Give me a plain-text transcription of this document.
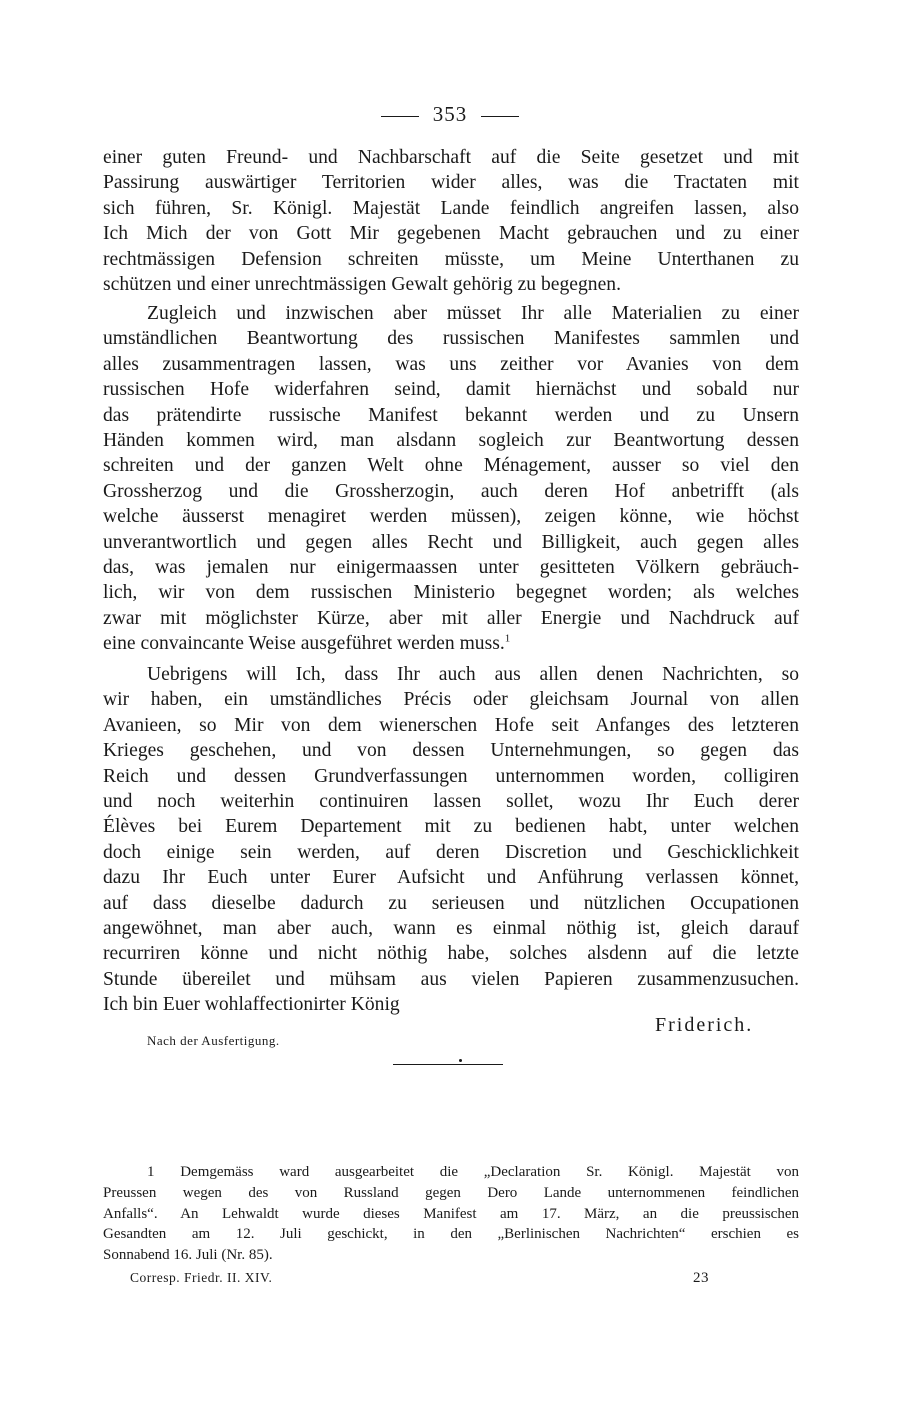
353
einer guten Freund- und Nachbarschaft auf die Seite gesetzet und mit
Passirung auswärtiger Territorien wider alles, was die Tractaten mit
sich führen, Sr. Königl. Majestät Lande feindlich angreifen lassen, also
Ich Mich der von Gott Mir gegebenen Macht gebrauchen und zu einer
rechtmässigen Defension schreiten müsste, um Meine Unterthanen zu
schützen und einer unrechtmässigen Gewalt gehörig zu begegnen.
Zugleich und inzwischen aber müsset Ihr alle Materialien zu einer
umständlichen Beantwortung des russischen Manifestes sammlen und
alles zusammentragen lassen, was uns zeither vor Avanies von dem
russischen Hofe widerfahren seind, damit hiernächst und sobald nur
das prätendirte russische Manifest bekannt werden und zu Unsern
Händen kommen wird, man alsdann sogleich zur Beantwortung dessen
schreiten und der ganzen Welt ohne Ménagement, ausser so viel den
Grossherzog und die Grossherzogin, auch deren Hof anbetrifft (als
welche äusserst menagiret werden müssen), zeigen könne, wie höchst
unverantwortlich und gegen alles Recht und Billigkeit, auch gegen alles
das, was jemalen nur einigermaassen unter gesitteten Völkern gebräuch-
lich, wir von dem russischen Ministerio begegnet worden; als welches
zwar mit möglichster Kürze, aber mit aller Energie und Nachdruck auf
eine convaincante Weise ausgeführet werden muss.$^1$
Uebrigens will Ich, dass Ihr auch aus allen denen Nachrichten, so
wir haben, ein umständliches Précis oder gleichsam Journal von allen
Avanieen, so Mir von dem wienerschen Hofe seit Anfanges des letzteren
Krieges geschehen, und von dessen Unternehmungen, so gegen das
Reich und dessen Grundverfassungen unternommen worden, colligiren
und noch weiterhin continuiren lassen sollet, wozu Ihr Euch derer
Élèves bei Eurem Departement mit zu bedienen habt, unter welchen
doch einige sein werden, auf deren Discretion und Geschicklichkeit
dazu Ihr Euch unter Eurer Aufsicht und Anführung verlassen könnet,
auf dass dieselbe dadurch zu serieusen und nützlichen Occupationen
angewöhnet, man aber auch, wann es einmal nöthig ist, gleich darauf
recurriren könne und nicht nöthig habe, solches alsdenn auf die letzte
Stunde übereilet und mühsam aus vielen Papieren zusammenzusuchen.
Ich bin Euer wohlaffectionirter König
Friderich.
Nach der Ausfertigung.
1 Demgemäss ward ausgearbeitet die „Declaration Sr. Königl. Majestät von
Preussen wegen des von Russland gegen Dero Lande unternommenen feindlichen
Anfalls“. An Lehwaldt wurde dieses Manifest am 17. März, an die preussischen
Gesandten am 12. Juli geschickt, in den „Berlinischen Nachrichten“ erschien es
Sonnabend 16. Juli (Nr. 85).
Corresp. Friedr. II. XIV.	23
